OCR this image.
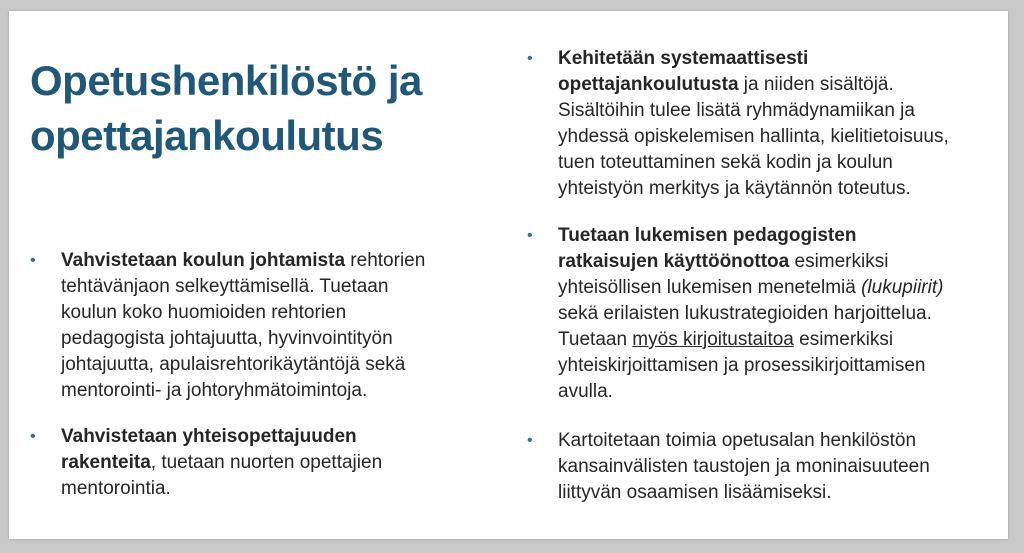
Opetushenkilöstö ja
opettajankoulutus
• Vahvistetaan koulun johtamista rehtorien
tehtävänjaon selkeyttämisellä. Tuetaan
koulun koko huomioiden rehtorien
pedagogista johtajuutta, hyvinvointityön
johtajuutta, apulaisrehtorikäytäntöjä sekä
mentorointi- ja johtoryhmätoimintoja.
• Vahvistetaan yhteisopettajuuden
rakenteita, tuetaan nuorten opettajien
mentorointia.
• Kehitetään systemaattisesti
opettajankoulutusta ja niiden sisältöjä.
Sisältöihin tulee lisätä ryhmädynamiikan ja
yhdessä opiskelemisen hallinta, kielitietoisuus,
tuen toteuttaminen sekä kodin ja koulun
yhteistyön merkitys ja käytännön toteutus.
• Tuetaan lukemisen pedagogisten
ratkaisujen käyttöönottoa esimerkiksi
yhteisöllisen lukemisen menetelmiä (lukupiirit)
sekä erilaisten lukustrategioiden harjoittelua.
Tuetaan myös kirjoitustaitoa esimerkiksi
yhteiskirjoittamisen ja prosessikirjoittamisen
avulla.
• Kartoitetaan toimia opetusalan henkilöstön
kansainvälisten taustojen ja moninaisuuteen
liittyvän osaamisen lisäämiseksi.
